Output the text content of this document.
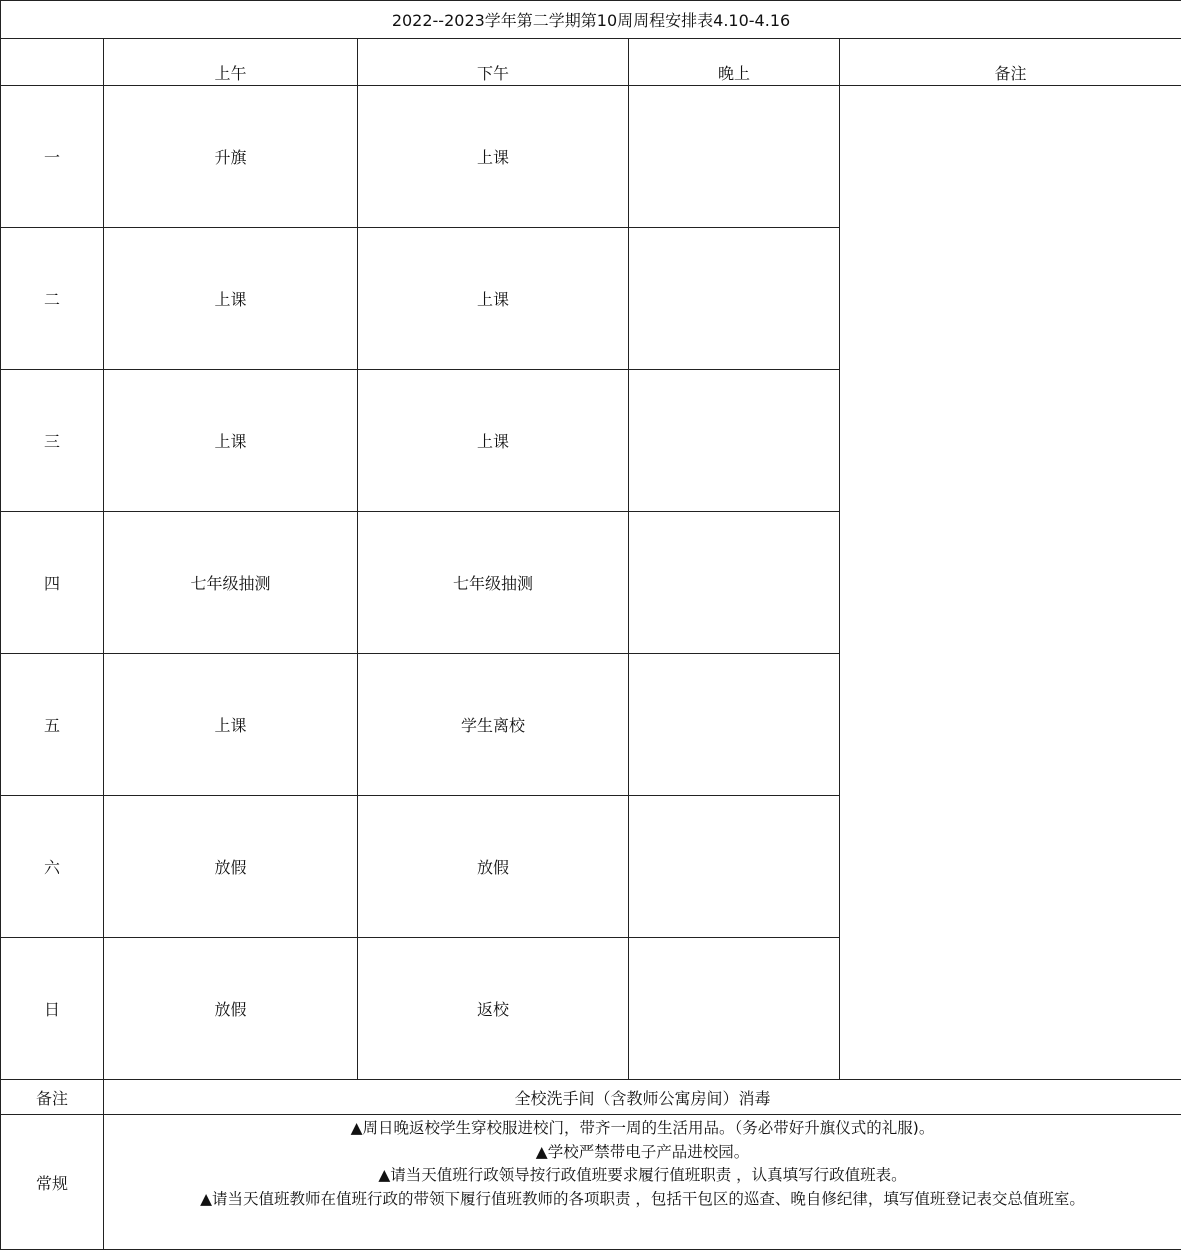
2022--2023学年第二学期第10周周程安排表4.10-4.16				
	上午	下午	晚上	备注
一	升旗	上课		
二	上课	上课		
三	上课	上课		
四	七年级抽测	七年级抽测		
五	上课	学生离校		
六	放假	放假		
日	放假	返校		
备注	全校洗手间（含教师公寓房间）消毒			
常规	▲周日晚返校学生穿校服进校门，带齐一周的生活用品。（务必带好升旗仪式的礼服)。
▲学校严禁带电子产品进校园。
▲请当天值班行政领导按行政值班要求履行值班职责 ，认真填写行政值班表。
▲请当天值班教师在值班行政的带领下履行值班教师的各项职责 ，包括干包区的巡查、晚自修纪律，填写值班登记表交总值班室。			
